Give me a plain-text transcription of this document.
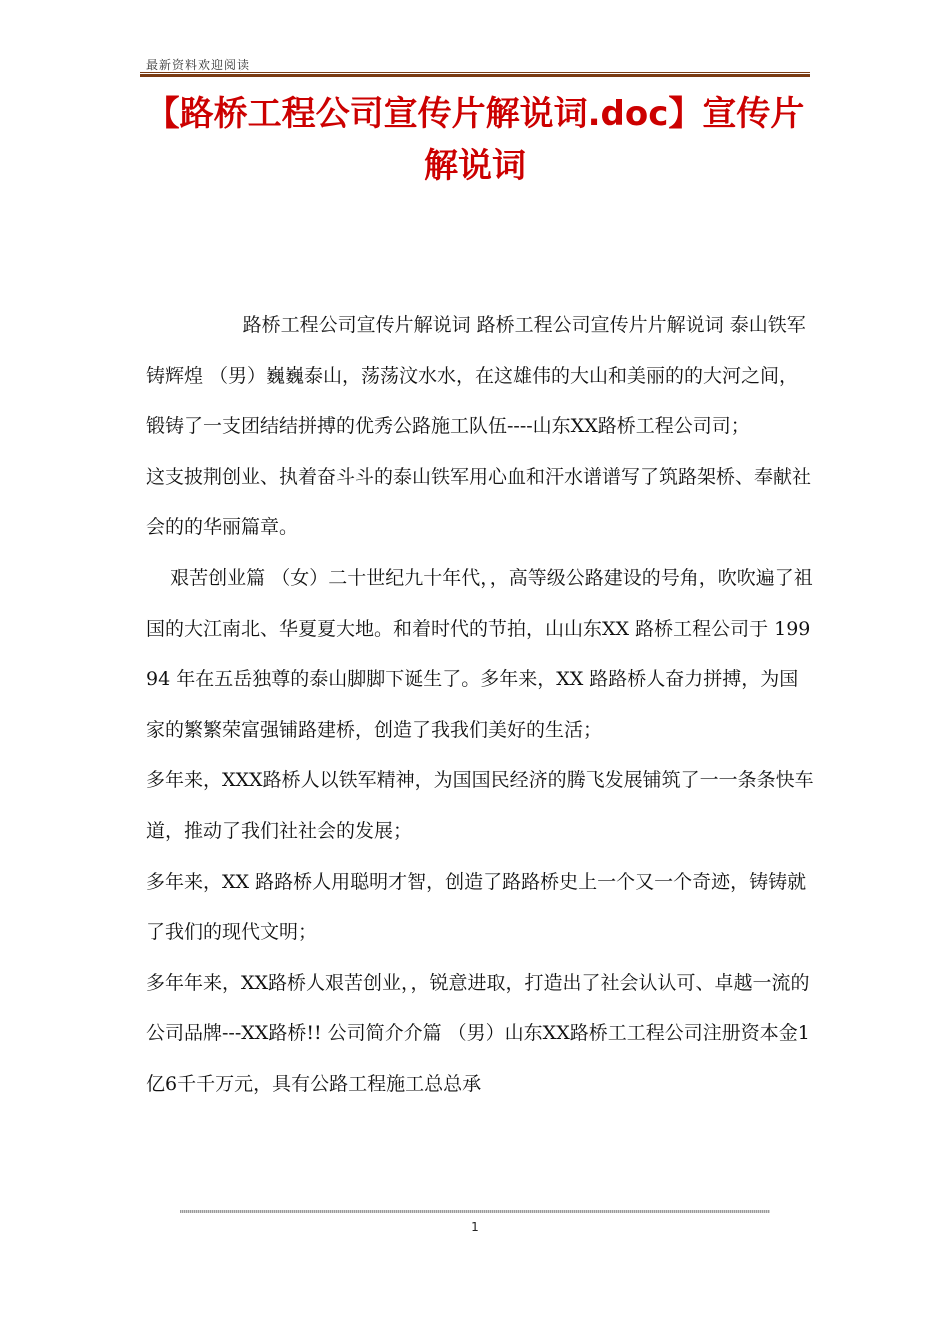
最新资料欢迎阅读
【路桥工程公司宣传片解说词.doc】宣传片解说词

路桥工程公司宣传片解说词 路桥工程公司宣传片片解说词 泰山铁军铸辉煌 （男）巍巍泰山，荡荡汶水水，在这雄伟的大山和美丽的的大河之间，锻铸了一支团结结拼搏的优秀公路施工队伍----山东XX路桥工程公司司；

这支披荆创业、执着奋斗斗的泰山铁军用心血和汗水谱谱写了筑路架桥、奉献社会的的华丽篇章。

艰苦创业篇 （女）二十世纪九十年代，，高等级公路建设的号角，吹吹遍了祖国的大江南北、华夏夏大地。和着时代的节拍，山山东XX 路桥工程公司于 19994 年在五岳独尊的泰山脚脚下诞生了。多年来，XX 路路桥人奋力拼搏，为国家的繁繁荣富强铺路建桥，创造了我我们美好的生活；

多年来，XXX路桥人以铁军精神，为国国民经济的腾飞发展铺筑了一一条条快车道，推动了我们社社会的发展；

多年来，XX 路路桥人用聪明才智，创造了路路桥史上一个又一个奇迹，铸铸就了我们的现代文明；

多年年来，XX路桥人艰苦创业，，锐意进取，打造出了社会认认可、卓越一流的公司品牌---XX路桥!! 公司简介介篇 （男）山东XX路桥工工程公司注册资本金1亿6千千万元，具有公路工程施工总总承

1
